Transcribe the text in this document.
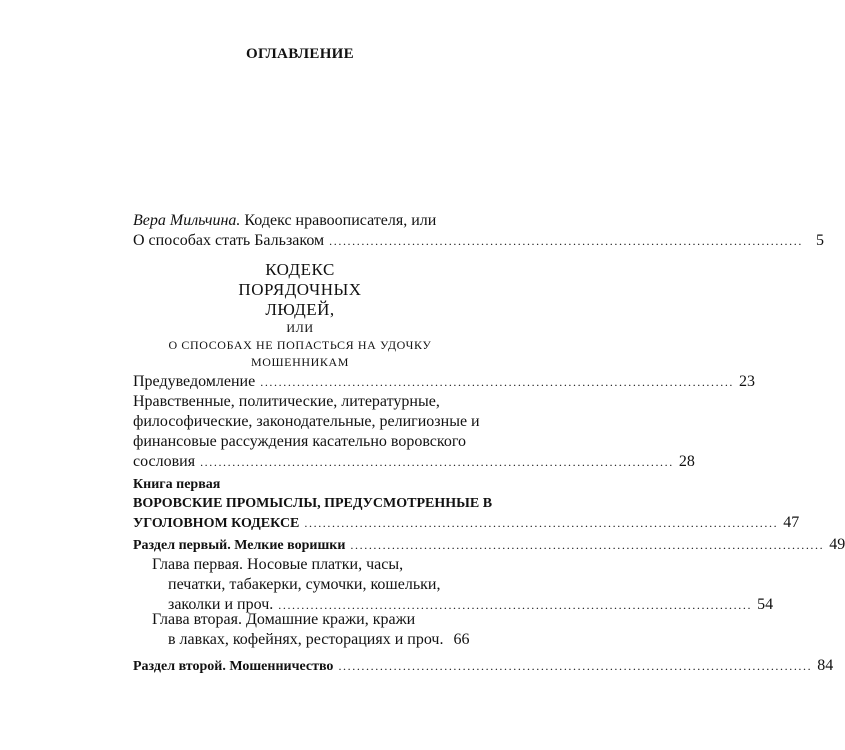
ОГЛАВЛЕНИЕ
Вера Мильчина. Кодекс нравоописателя, или
О способах стать Бальзаком ....................................................................................................... 5
КОДЕКС
ПОРЯДОЧНЫХ
ЛЮДЕЙ,
ИЛИ
О СПОСОБАХ НЕ ПОПАСТЬСЯ НА УДОЧКУ
МОШЕННИКАМ
Предуведомление ....................................................................................................... 23
Нравственные, политические, литературные,
философические, законодательные, религиозные и
финансовые рассуждения касательно воровского
сословия ....................................................................................................... 28
Книга первая
ВОРОВСКИЕ ПРОМЫСЛЫ, ПРЕДУСМОТРЕННЫЕ В
УГОЛОВНОМ КОДЕКСЕ ....................................................................................................... 47
Раздел первый. Мелкие воришки ....................................................................................................... 49
Глава первая. Носовые платки, часы,
печатки, табакерки, сумочки, кошельки,
заколки и проч. ....................................................................................................... 54
Глава вторая. Домашние кражи, кражи
в лавках, кофейнях, ресторациях и проч. 66
Раздел второй. Мошенничество ....................................................................................................... 84
